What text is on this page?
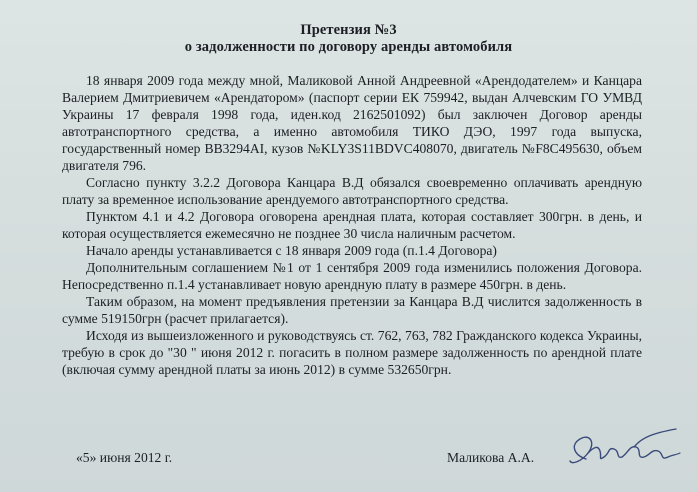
Претензия №3
о задолженности по договору аренды автомобиля

18 января 2009 года между мной, Маликовой Анной Андреевной «Арендодателем» и Канцара Валерием Дмитриевичем «Арендатором» (паспорт серии ЕК 759942, выдан Алчевским ГО УМВД Украины 17 февраля 1998 года, иден.код 2162501092) был заключен Договор аренды автотранспортного средства, а именно автомобиля ТИКО ДЭО, 1997 года выпуска, государственный номер ВВ3294AI, кузов №KLY3S11BDVC408070, двигатель №F8C495630, объем двигателя 796.

Согласно пункту 3.2.2 Договора Канцара В.Д обязался своевременно оплачивать арендную плату за временное использование арендуемого автотранспортного средства.

Пунктом 4.1 и 4.2 Договора оговорена арендная плата, которая составляет 300грн. в день, и которая осуществляется ежемесячно не позднее 30 числа наличным расчетом.

Начало аренды устанавливается с 18 января 2009 года (п.1.4 Договора)

Дополнительным соглашением №1 от 1 сентября 2009 года изменились положения Договора. Непосредственно п.1.4 устанавливает новую арендную плату в размере 450грн. в день.

Таким образом, на момент предъявления претензии за Канцара В.Д числится задолженность в сумме 519150грн (расчет прилагается).

Исходя из вышеизложенного и руководствуясь ст. 762, 763, 782 Гражданского кодекса Украины, требую в срок до "30 " июня 2012 г. погасить в полном размере задолженность по арендной плате (включая сумму арендной платы за июнь 2012) в сумме 532650грн.

«5» июня 2012 г.	Маликова А.А.
